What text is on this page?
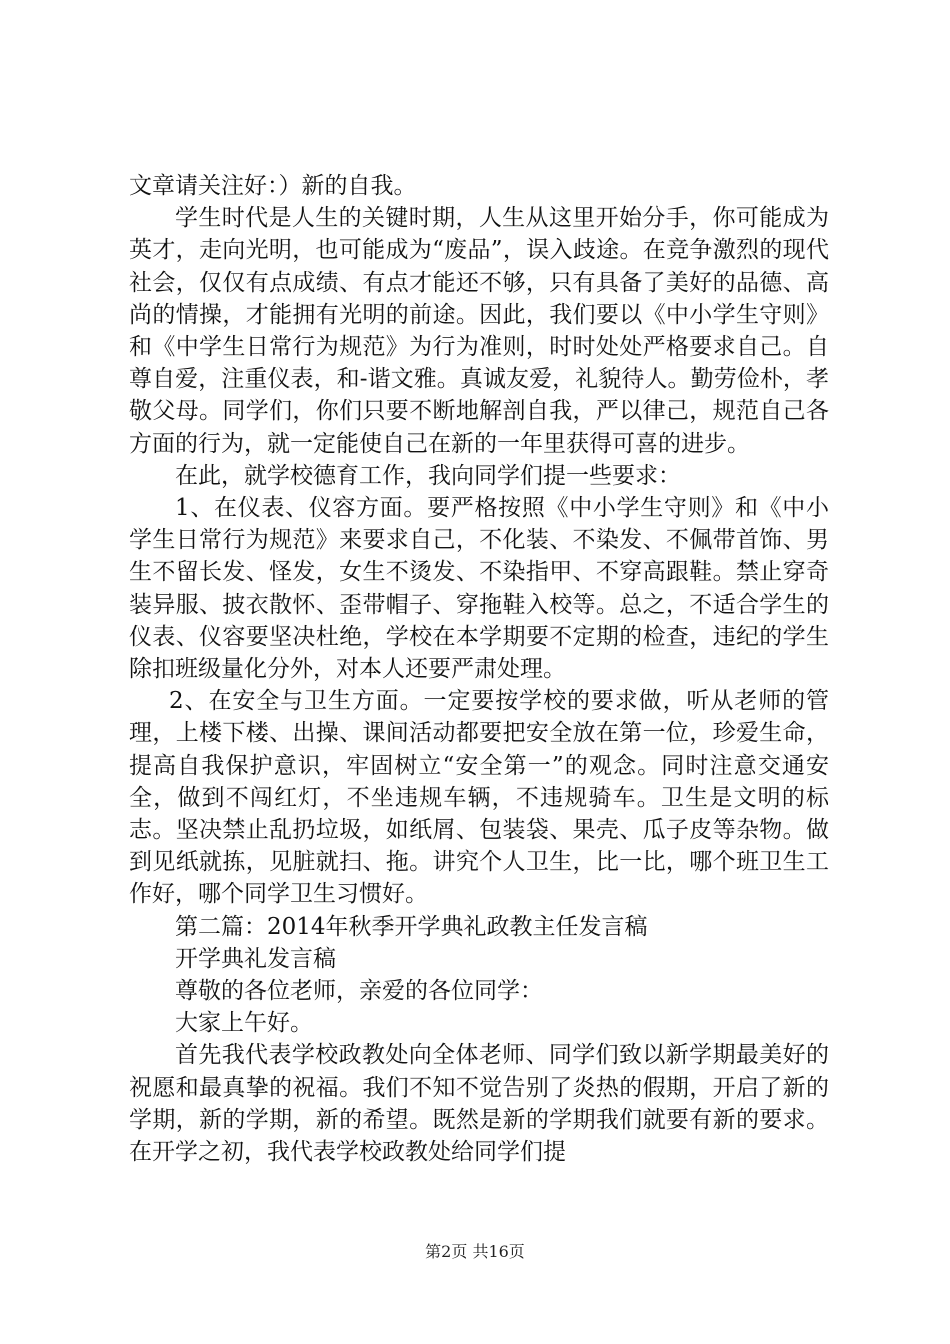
文章请关注好：）新的自我。

学生时代是人生的关键时期，人生从这里开始分手，你可能成为英才，走向光明，也可能成为“废品”，误入歧途。在竞争激烈的现代社会，仅仅有点成绩、有点才能还不够，只有具备了美好的品德、高尚的情操，才能拥有光明的前途。因此，我们要以《中小学生守则》和《中学生日常行为规范》为行为准则，时时处处严格要求自己。自尊自爱，注重仪表，和-谐文雅。真诚友爱，礼貌待人。勤劳俭朴，孝敬父母。同学们，你们只要不断地解剖自我，严以律己，规范自己各方面的行为，就一定能使自己在新的一年里获得可喜的进步。

在此，就学校德育工作，我向同学们提一些要求：

1、在仪表、仪容方面。要严格按照《中小学生守则》和《中小学生日常行为规范》来要求自己，不化装、不染发、不佩带首饰、男生不留长发、怪发，女生不烫发、不染指甲、不穿高跟鞋。禁止穿奇装异服、披衣散怀、歪带帽子、穿拖鞋入校等。总之，不适合学生的仪表、仪容要坚决杜绝，学校在本学期要不定期的检查，违纪的学生除扣班级量化分外，对本人还要严肃处理。

2、在安全与卫生方面。一定要按学校的要求做，听从老师的管理，上楼下楼、出操、课间活动都要把安全放在第一位，珍爱生命，提高自我保护意识，牢固树立“安全第一”的观念。同时注意交通安全，做到不闯红灯，不坐违规车辆，不违规骑车。卫生是文明的标志。坚决禁止乱扔垃圾，如纸屑、包装袋、果壳、瓜子皮等杂物。做到见纸就拣，见脏就扫、拖。讲究个人卫生，比一比，哪个班卫生工作好，哪个同学卫生习惯好。

第二篇：2014年秋季开学典礼政教主任发言稿

开学典礼发言稿

尊敬的各位老师，亲爱的各位同学：

大家上午好。

首先我代表学校政教处向全体老师、同学们致以新学期最美好的祝愿和最真挚的祝福。我们不知不觉告别了炎热的假期，开启了新的学期，新的学期，新的希望。既然是新的学期我们就要有新的要求。在开学之初，我代表学校政教处给同学们提

第2页 共16页
